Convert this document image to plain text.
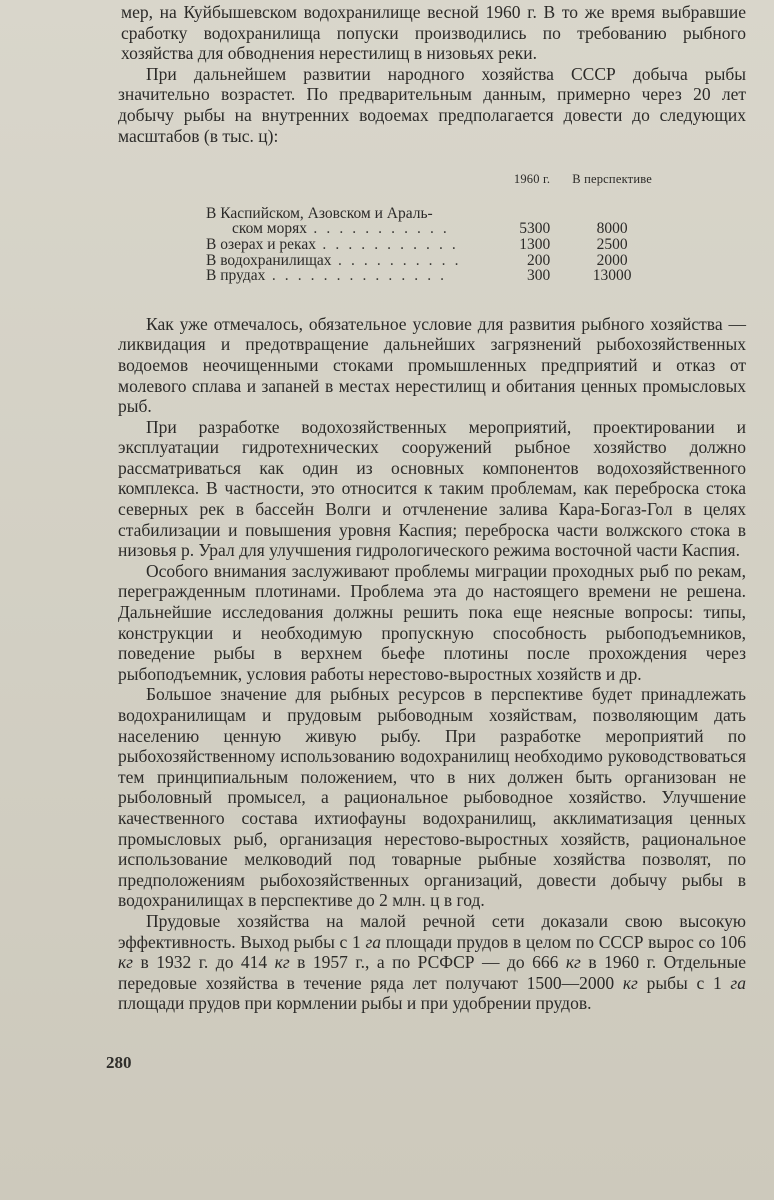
мер, на Куйбышевском водохранилище весной 1960 г. В то же время выбравшие сработку водохранилища попуски производились по требованию рыбного хозяйства для обводнения нерестилищ в низовьях реки.

При дальнейшем развитии народного хозяйства СССР добыча рыбы значительно возрастет. По предварительным данным, примерно через 20 лет добычу рыбы на внутренних водоемах предполагается довести до следующих масштабов (в тыс. ц):

	1960 г.	В перспективе
В Каспийском, Азовском и Араль-		
ском морях . . . . . . . . . . .	5300	8000
В озерах и реках . . . . . . . . . . .	1300	2500
В водохранилищах . . . . . . . . . .	200	2000
В прудах . . . . . . . . . . . . . .	300	13000

Как уже отмечалось, обязательное условие для развития рыбного хозяйства — ликвидация и предотвращение дальнейших загрязнений рыбохозяйственных водоемов неочищенными стоками промышленных предприятий и отказ от молевого сплава и запаней в местах нерестилищ и обитания ценных промысловых рыб.

При разработке водохозяйственных мероприятий, проектировании и эксплуатации гидротехнических сооружений рыбное хозяйство должно рассматриваться как один из основных компонентов водохозяйственного комплекса. В частности, это относится к таким проблемам, как переброска стока северных рек в бассейн Волги и отчленение залива Кара-Богаз-Гол в целях стабилизации и повышения уровня Каспия; переброска части волжского стока в низовья р. Урал для улучшения гидрологического режима восточной части Каспия.

Особого внимания заслуживают проблемы миграции проходных рыб по рекам, перегражденным плотинами. Проблема эта до настоящего времени не решена. Дальнейшие исследования должны решить пока еще неясные вопросы: типы, конструкции и необходимую пропускную способность рыбоподъемников, поведение рыбы в верхнем бьефе плотины после прохождения через рыбоподъемник, условия работы нерестово-выростных хозяйств и др.

Большое значение для рыбных ресурсов в перспективе будет принадлежать водохранилищам и прудовым рыбоводным хозяйствам, позволяющим дать населению ценную живую рыбу. При разработке мероприятий по рыбохозяйственному использованию водохранилищ необходимо руководствоваться тем принципиальным положением, что в них должен быть организован не рыболовный промысел, а рациональное рыбоводное хозяйство. Улучшение качественного состава ихтиофауны водохранилищ, акклиматизация ценных промысловых рыб, организация нерестово-выростных хозяйств, рациональное использование мелководий под товарные рыбные хозяйства позволят, по предположениям рыбохозяйственных организаций, довести добычу рыбы в водохранилищах в перспективе до 2 млн. ц в год.

Прудовые хозяйства на малой речной сети доказали свою высокую эффективность. Выход рыбы с 1 га площади прудов в целом по СССР вырос со 106 кг в 1932 г. до 414 кг в 1957 г., а по РСФСР — до 666 кг в 1960 г. Отдельные передовые хозяйства в течение ряда лет получают 1500—2000 кг рыбы с 1 га площади прудов при кормлении рыбы и при удобрении прудов.

280
